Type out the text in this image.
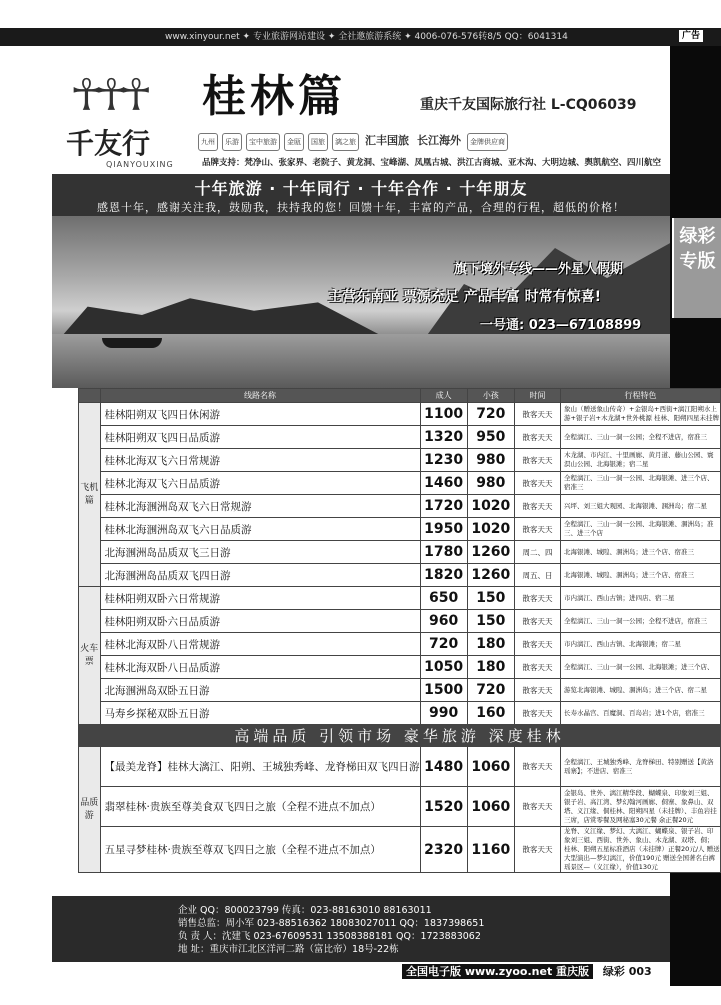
www.xinyour.net ✦ 专业旅游网站建设 ✦ 全社邀旅游系统 ✦ 4006-076-576转8/5 QQ：6041314	广告
绿彩
专版
☥☥☥
千友行
QIANYOUXING
桂林篇	重庆千友国际旅行社 L-CQ06039
九州	乐游	宝中旅游	金瓯	国旅	漓之旅 汇丰国旅 长江海外	金牌供应商
品牌支持：梵净山、张家界、老院子、黄龙洞、宝峰湖、凤凰古城、洪江古商城、亚木沟、大明边城、舆凯航空、四川航空
十年旅游 · 十年同行 · 十年合作 · 十年朋友
感恩十年，感谢关注我，鼓励我，扶持我的您！回馈十年，丰富的产品，合理的行程，超低的价格！
旗下境外专线——外星人假期
主营东南亚 票源充足 产品丰富 时常有惊喜!
一号通: 023—67108899
	线路名称	成人	小孩	时间	行程特色
飞机篇	桂林阳朔双飞四日休闲游	1100	720	散客天天	象山（赠送象山传奇）+金银岛+西街+漓江阳朔水上游+银子岩+木龙湖+世外桃源 桂林、阳朔四星未挂牌
	桂林阳朔双飞四日品质游	1320	950	散客天天	全程漓江、三山一洞一公园；全程不进店，宿准三
	桂林北海双飞六日常规游	1230	980	散客天天	木龙湖、市内江、十里画廊、黄月道、藤山公园、寰溟山公园、北海银滩；宿二星
	桂林北海双飞六日品质游	1460	980	散客天天	全程漓江、三山一洞一公园、北海银滩、进三个店、宿准三
	桂林北海涠洲岛双飞六日常规游	1720	1020	散客天天	兴坪、刘三姐大观园、北海银滩、涠洲岛；宿二星
	桂林北海涠洲岛双飞六日品质游	1950	1020	散客天天	全程漓江、三山一洞一公园、北海银滩、涠洲岛；准三、进三个店
	北海涠洲岛品质双飞三日游	1780	1260	周二、四	北海银滩、城隍、涠洲岛；进三个店、宿准三
	北海涠洲岛品质双飞四日游	1820	1260	周五、日	北海银滩、城隍、涠洲岛；进三个店、宿准三
火车票	桂林阳朔双卧六日常规游	650	150	散客天天	市内漓江、西山古镇；进四店、宿二星
	桂林阳朔双卧六日品质游	960	150	散客天天	全程漓江、三山一洞一公园；全程不进店，宿准三
	桂林北海双卧八日常规游	720	180	散客天天	市内漓江、西山古镇、北海银滩；宿二星
	桂林北海双卧八日品质游	1050	180	散客天天	全程漓江、三山一洞一公园、北海银滩；进三个店、
	北海涠洲岛双卧五日游	1500	720	散客天天	游览北海银滩、城隍、涠洲岛；进三个店、宿二星
	马寿乡探秘双卧五日游	990	160	散客天天	长寿水晶宫、百魔洞、百岛岩；进1个店，宿准三
高端品质 引领市场 豪华旅游 深度桂林					
品质游	【最美龙脊】桂林大漓江、阳朔、王城独秀峰、龙脊梯田双飞四日游	1480	1060	散客天天	全程漓江、王城独秀峰、龙脊梯田、特别赠送【黄洛瑶寨】；不进店、宿准三
	翡翠桂林·贵族至尊美食双飞四日之旅（全程不进点不加点）	1520	1060	散客天天	金银岛、世外、漓江精华段、蝴蝶泉、印象刘三姐、银子岩、高江湾、梦幻翰河画廊、侗寨、象鼻山、双塔、义江缘、侗桂林、阳朔四星（未挂牌）、丰鱼岩挂三席，店赏零餐及网秘塞30元餐 余正餐20元
	五星寻梦桂林·贵族至尊双飞四日之旅（全程不进点不加点）	2320	1160	散客天天	龙脊、义江缘、梦幻、大漓江、蝴蝶泉、银子岩、印象刘三姐、西街、世外、象山、木龙湖、双塔、侗；桂林、阳朔五星标准酒店（未挂牌）正餐20元/人 赠送大型演出—梦幻漓江，价值190元 赠送全国著名白裤瑶景区—（义江缘），价值130元
企业 QQ：800023799 传真：023-88163010 88163011
销售总监：周小军 023-88516362 18083027011 QQ：1837398651
负 责 人：沈建飞 023-67609531 13508388181 QQ：1723883062
地 址：重庆市江北区洋河二路（富比帝）18号-22栋
全国电子版 www.zyoo.net 重庆版 绿彩 003
